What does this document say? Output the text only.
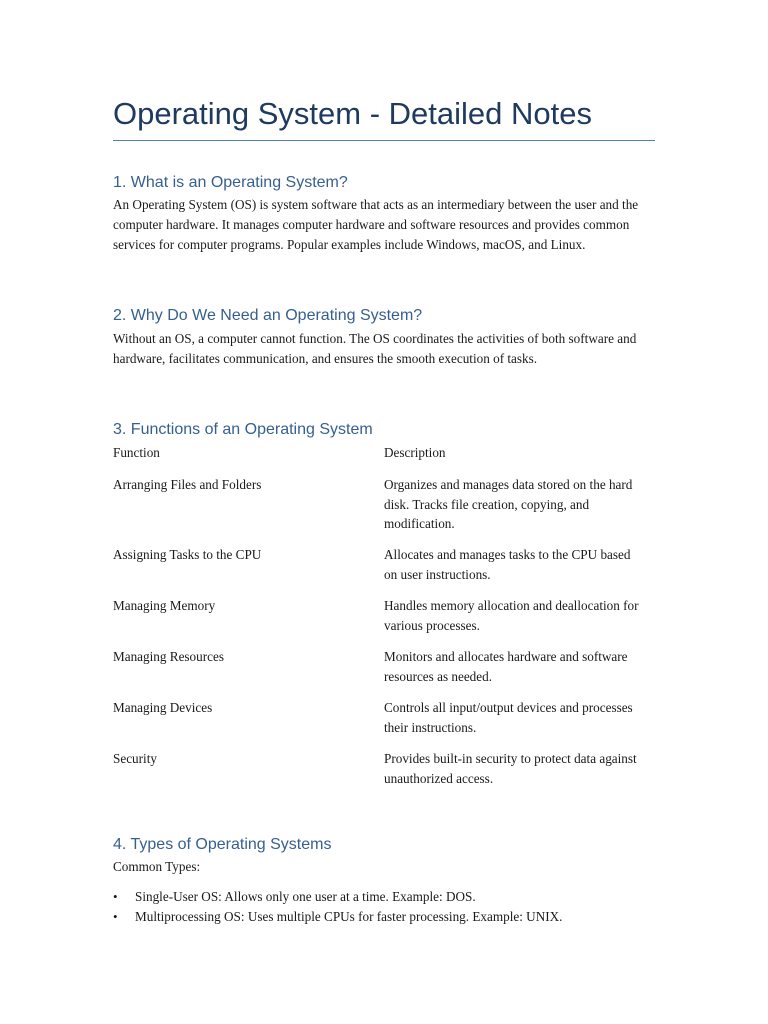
Operating System - Detailed Notes
1. What is an Operating System?
An Operating System (OS) is system software that acts as an intermediary between the user and the computer hardware. It manages computer hardware and software resources and provides common services for computer programs. Popular examples include Windows, macOS, and Linux.
2. Why Do We Need an Operating System?
Without an OS, a computer cannot function. The OS coordinates the activities of both software and hardware, facilitates communication, and ensures the smooth execution of tasks.
3. Functions of an Operating System
Function	Description
Arranging Files and Folders	Organizes and manages data stored on the hard disk. Tracks file creation, copying, and modification.
Assigning Tasks to the CPU	Allocates and manages tasks to the CPU based on user instructions.
Managing Memory	Handles memory allocation and deallocation for various processes.
Managing Resources	Monitors and allocates hardware and software resources as needed.
Managing Devices	Controls all input/output devices and processes their instructions.
Security	Provides built-in security to protect data against unauthorized access.
4. Types of Operating Systems
Common Types:
• Single-User OS: Allows only one user at a time. Example: DOS.
• Multiprocessing OS: Uses multiple CPUs for faster processing. Example: UNIX.
